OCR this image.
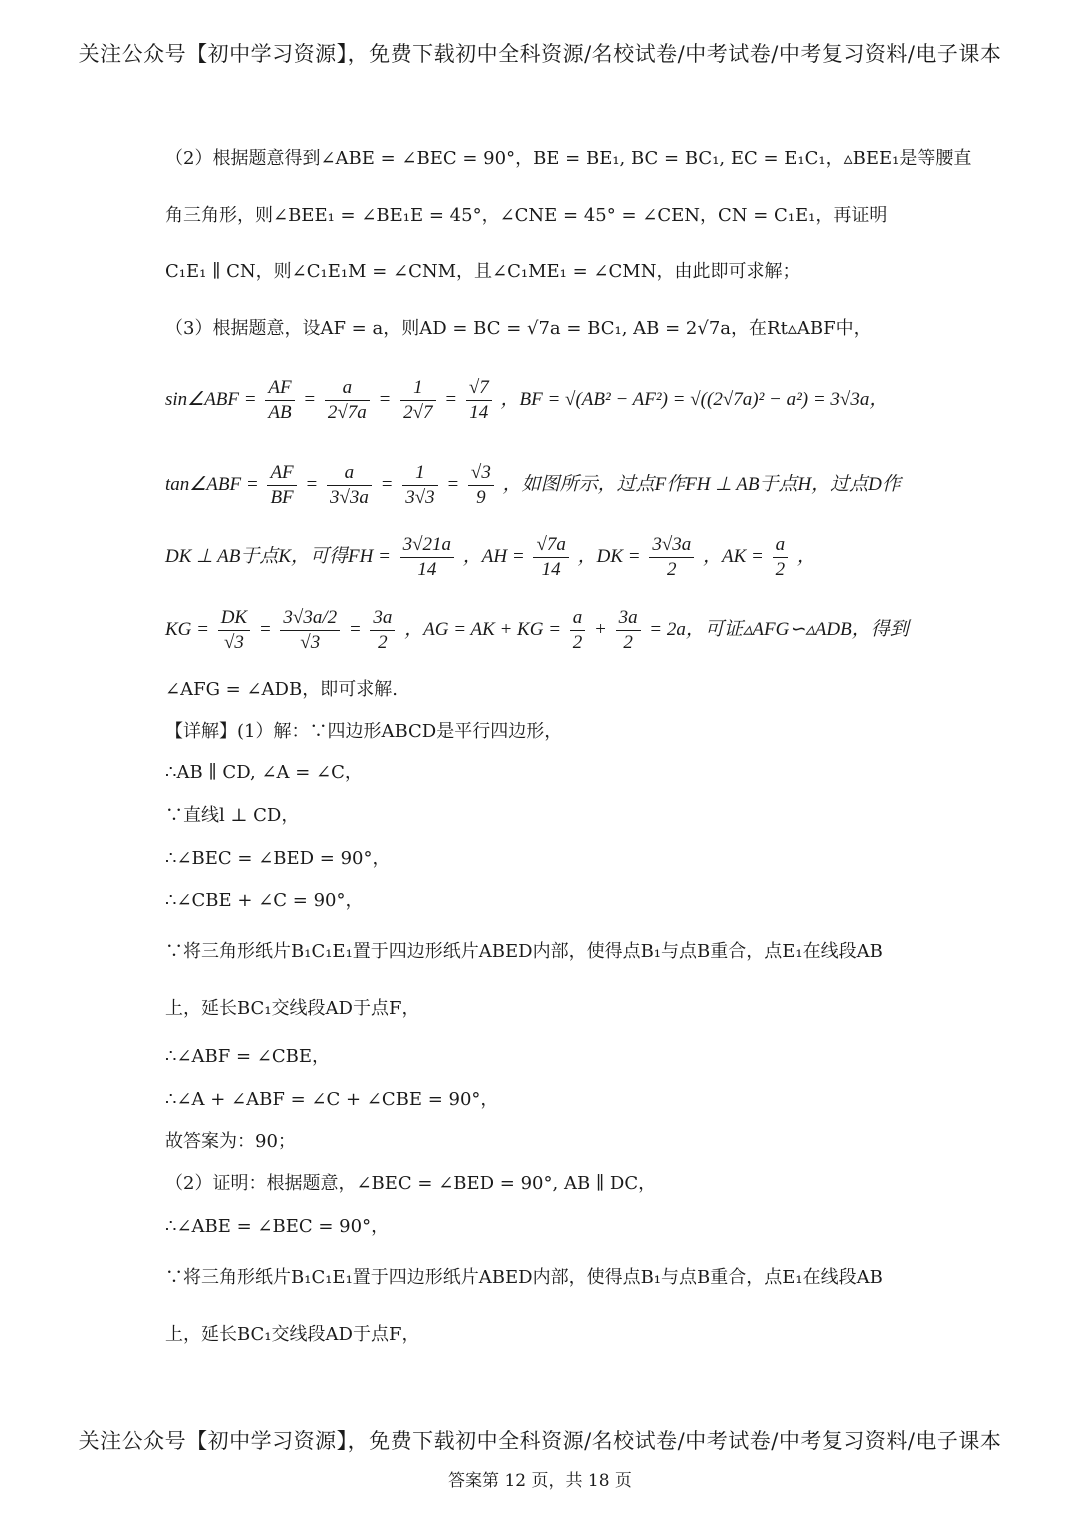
关注公众号【初中学习资源】，免费下载初中全科资源/名校试卷/中考试卷/中考复习资料/电子课本
（2）根据题意得到∠ABE = ∠BEC = 90°，BE = BE₁, BC = BC₁, EC = E₁C₁，▵BEE₁是等腰直
角三角形，则∠BEE₁ = ∠BE₁E = 45°，∠CNE = 45° = ∠CEN，CN = C₁E₁，再证明
C₁E₁ ∥ CN，则∠C₁E₁M = ∠CNM，且∠C₁ME₁ = ∠CMN，由此即可求解；
（3）根据题意，设AF = a，则AD = BC = √7a = BC₁, AB = 2√7a，在Rt▵ABF中，
sin∠ABF = $\frac{AF}{AB} = \frac{a}{2√7a} = \frac{1}{2√7} = \frac{√7}{14}$ ，BF = √(AB² − AF²) = √((2√7a)² − a²) = 3√3a，
tan∠ABF = $\frac{AF}{BF} = \frac{a}{3√3a} = \frac{1}{3√3} = \frac{√3}{9}$ ，如图所示，过点F作FH ⊥ AB于点H，过点D作
DK ⊥ AB于点K，可得FH = $\frac{3√21a}{14}$ ，AH = $\frac{√7a}{14}$ ，DK = $\frac{3√3a}{2}$ ，AK = $\frac{a}{2}$ ，
KG = $\frac{DK}{√3} = \frac{3√3a/2}{√3} = \frac{3a}{2}$ ，AG = AK + KG = $\frac{a}{2} + \frac{3a}{2} = 2a$，可证▵AFG∽▵ADB，得到
∠AFG = ∠ADB，即可求解.
【详解】(1）解：∵四边形ABCD是平行四边形，
∴AB ∥ CD, ∠A = ∠C，
∵直线l ⊥ CD，
∴∠BEC = ∠BED = 90°，
∴∠CBE + ∠C = 90°，
∵将三角形纸片B₁C₁E₁置于四边形纸片ABED内部，使得点B₁与点B重合，点E₁在线段AB
上，延长BC₁交线段AD于点F，
∴∠ABF = ∠CBE，
∴∠A + ∠ABF = ∠C + ∠CBE = 90°，
故答案为：90；
（2）证明：根据题意，∠BEC = ∠BED = 90°, AB ∥ DC，
∴∠ABE = ∠BEC = 90°，
∵将三角形纸片B₁C₁E₁置于四边形纸片ABED内部，使得点B₁与点B重合，点E₁在线段AB
上，延长BC₁交线段AD于点F，
关注公众号【初中学习资源】，免费下载初中全科资源/名校试卷/中考试卷/中考复习资料/电子课本
答案第 12 页，共 18 页
